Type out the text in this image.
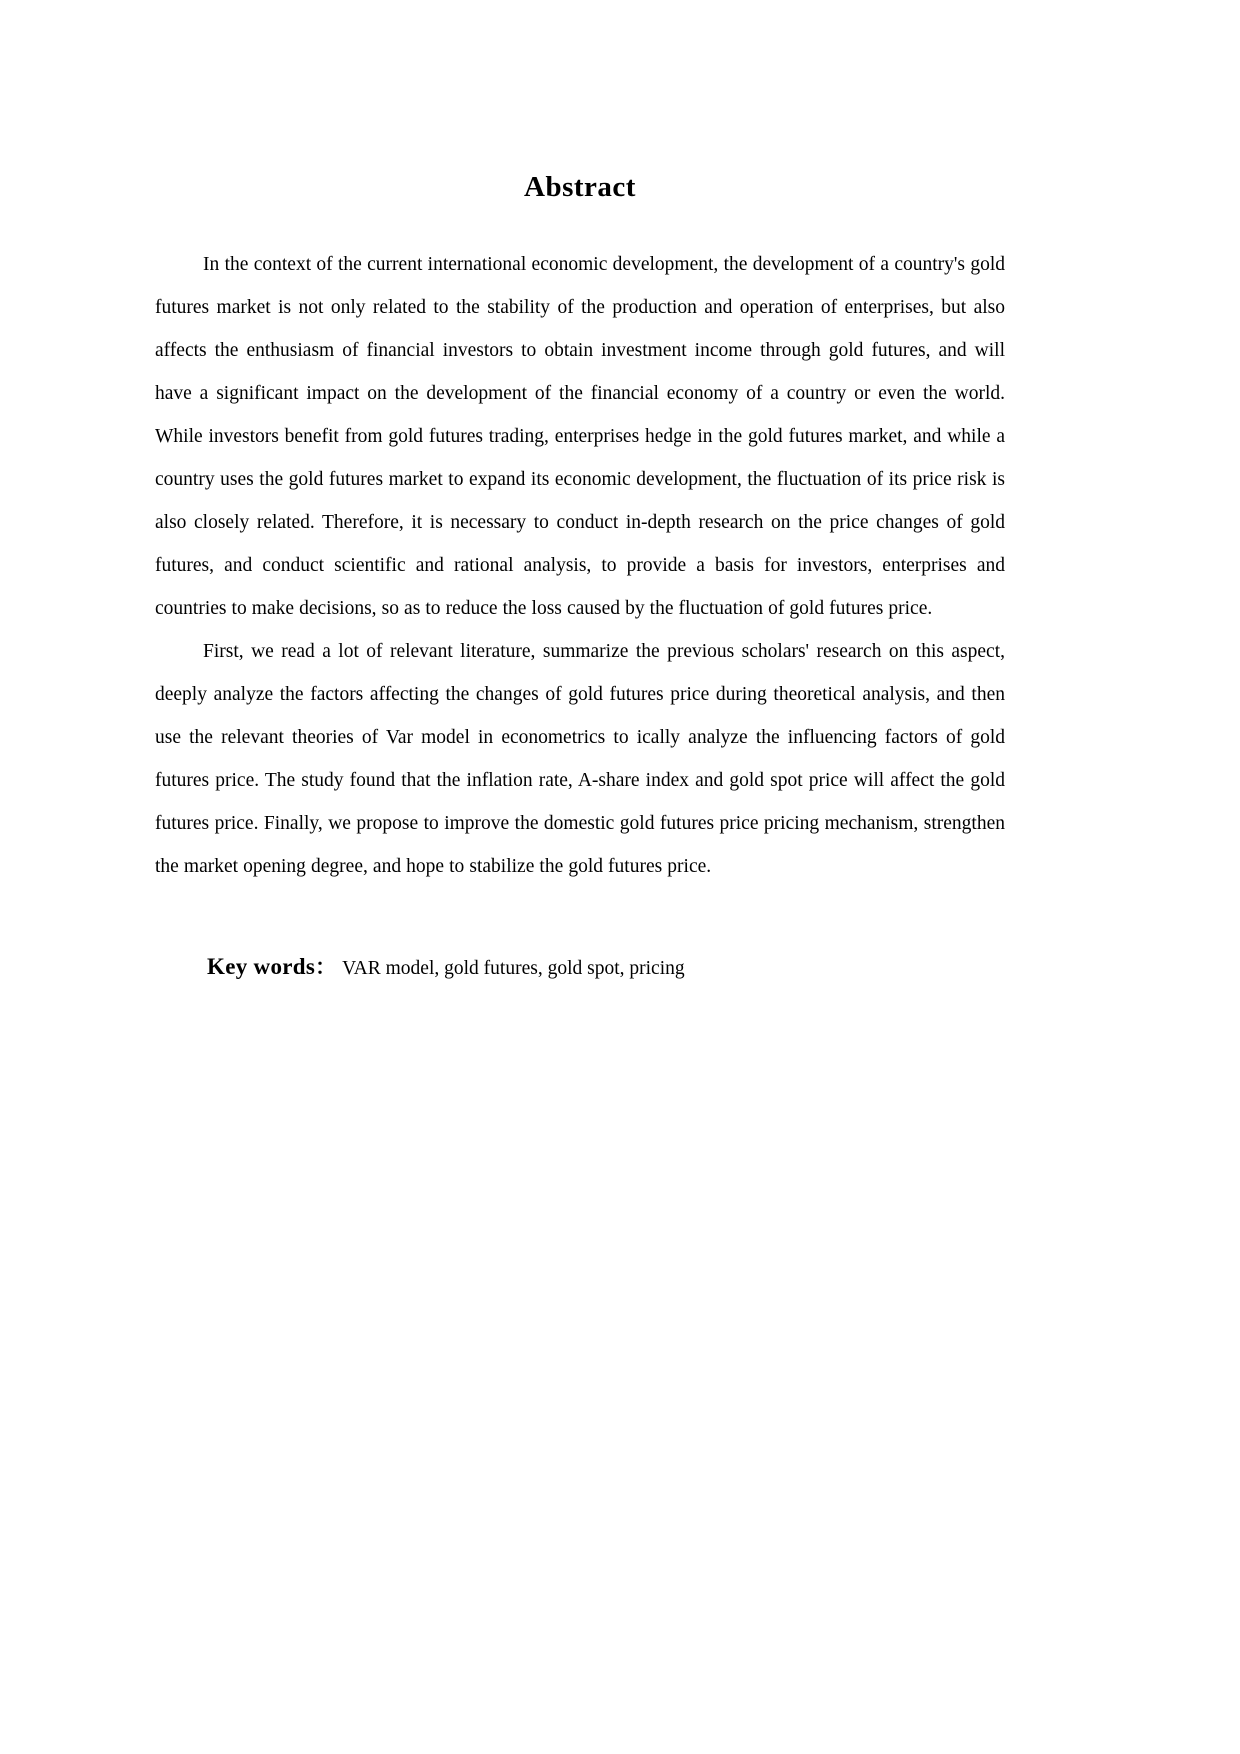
Abstract

In the context of the current international economic development, the development of a country's gold futures market is not only related to the stability of the production and operation of enterprises, but also affects the enthusiasm of financial investors to obtain investment income through gold futures, and will have a significant impact on the development of the financial economy of a country or even the world. While investors benefit from gold futures trading, enterprises hedge in the gold futures market, and while a country uses the gold futures market to expand its economic development, the fluctuation of its price risk is also closely related. Therefore, it is necessary to conduct in-depth research on the price changes of gold futures, and conduct scientific and rational analysis, to provide a basis for investors, enterprises and countries to make decisions, so as to reduce the loss caused by the fluctuation of gold futures price.

First, we read a lot of relevant literature, summarize the previous scholars' research on this aspect, deeply analyze the factors affecting the changes of gold futures price during theoretical analysis, and then use the relevant theories of Var model in econometrics to ically analyze the influencing factors of gold futures price. The study found that the inflation rate, A-share index and gold spot price will affect the gold futures price. Finally, we propose to improve the domestic gold futures price pricing mechanism, strengthen the market opening degree, and hope to stabilize the gold futures price.

Key words： VAR model, gold futures, gold spot, pricing
